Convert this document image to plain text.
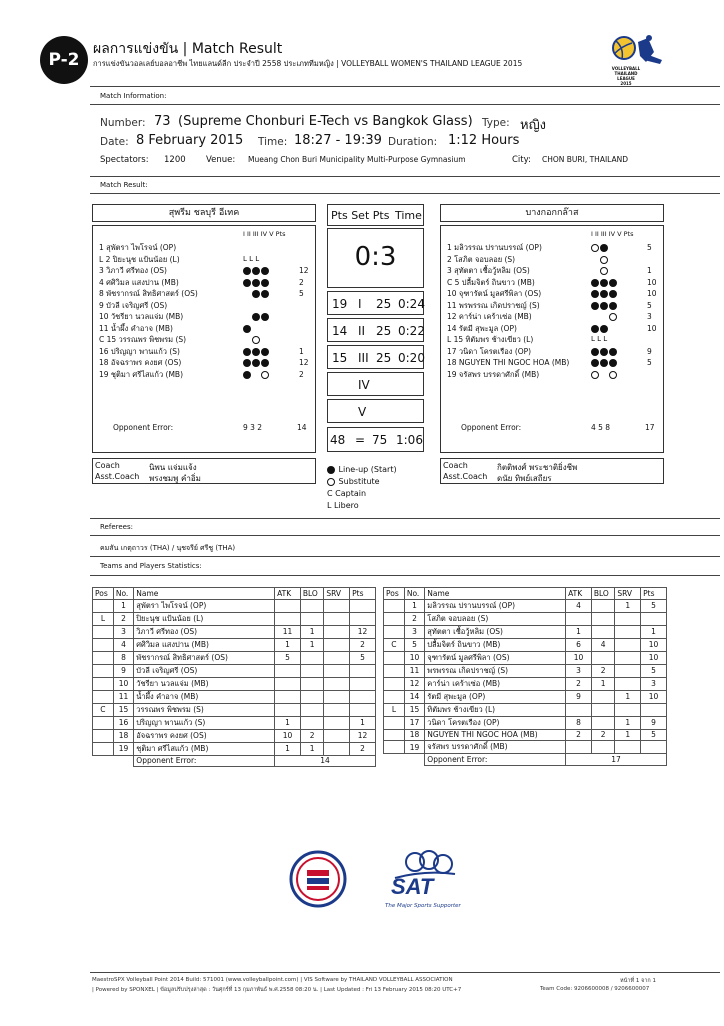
P-2
ผลการแข่งขัน | Match Result
การแข่งขันวอลเลย์บอลอาชีพ ไทยแลนด์ลีก ประจำปี 2558 ประเภททีมหญิง | VOLLEYBALL WOMEN'S THAILAND LEAGUE 2015
VOLLEYBALL
THAILAND LEAGUE
2015
Match Information:
Number: 73 (Supreme Chonburi E-Tech vs Bangkok Glass) Type: หญิง
Date: 8 February 2015 Time: 18:27 - 19:39 Duration: 1:12 Hours
Spectators: 1200 Venue: Mueang Chon Buri Municipality Multi-Purpose Gymnasium	City: CHON BURI, THAILAND
Match Result:
สุพรีม ชลบุรี อีเทค
I II III IV V Pts
1 สุพัตรา ไพโรจน์ (OP)
L 2 ปิยะนุช แป้นน้อย (L)	L L L
3 วิภาวี ศรีทอง (OS)	12
4 ศศิวิมล แสงปาน (MB)	2
8 พัชรากรณ์ สิทธิศาสตร์ (OS)	5
9 บัวลี เจริญศรี (OS)
10 วัชรียา นวลแจ่ม (MB)
11 น้ำผึ้ง คำอาจ (MB)
C 15 วรรณพร พิชพรม (S)
16 ปริญญา พานแก้ว (S)	1
18 อัจฉราพร คงยศ (OS)	12
19 ชุติมา ศรีไสแก้ว (MB)	2
Opponent Error:	9 3 2	14
Pts Set Pts Time
0:3
19 I 25 0:24
14 II 25 0:22
15 III 25 0:20
IV
V
48 = 75 1:06
บางกอกกล๊าส
I II III IV V Pts
1 มลิวรรณ ปรานบรรณ์ (OP)	5
2 โสภิต จอบลอย (S)
3 สุทัตตา เชื้อวู้หลิม (OS)	1
C 5 ปลื้มจิตร์ ถินขาว (MB)	10
10 จุฑารัตน์ มูลศรีพิลา (OS)	10
11 พรพรรณ เกิดปราชญ์ (S)	5
12 คาร์น่า เคร้าเซ่อ (MB)	3
14 รัตมี สุพะมูล (OP)	10
L 15 ทิตัมพร ช้างเขียว (L)	L L L
17 วนิดา โครตเรือง (OP)	9
18 NGUYEN THI NGOC HOA (MB)	5
19 จรัสพร บรรดาศักดิ์ (MB)
Opponent Error:	4 5 8	17
Coach	นิพน แจ่มแจ้ง
Asst.Coach พรงชมพู คำอิ่ม
Coach	กิตติพงศ์ พระชาติยิ่งชีพ
Asst.Coach ดนัย ทิพย์เสถียร
Line-up (Start)
Substitute
C Captain
L Libero
Referees:
คมสัน เกตุถาวร (THA) / นุชจรีย์ ศรีชู (THA)
Teams and Players Statistics:
Pos	No.	Name	ATK	BLO	SRV	Pts
	1	สุพัตรา ไพโรจน์ (OP)				
L	2	ปิยะนุช แป้นน้อย (L)				
	3	วิภาวี ศรีทอง (OS)	11	1		12
	4	ศศิวิมล แสงปาน (MB)	1	1		2
	8	พัชรากรณ์ สิทธิศาสตร์ (OS)	5			5
	9	บัวลี เจริญศรี (OS)				
	10	วัชรียา นวลแจ่ม (MB)				
	11	น้ำผึ้ง คำอาจ (MB)				
C	15	วรรณพร พิชพรม (S)				
	16	ปริญญา พานแก้ว (S)	1			1
	18	อัจฉราพร คงยศ (OS)	10	2		12
	19	ชุติมา ศรีไสแก้ว (MB)	1	1		2
		Opponent Error:	14			
Pos	No.	Name	ATK	BLO	SRV	Pts
	1	มลิวรรณ ปรานบรรณ์ (OP)	4		1	5
	2	โสภิต จอบลอย (S)				
	3	สุทัตตา เชื้อวู้หลิม (OS)	1			1
C	5	ปลื้มจิตร์ ถินขาว (MB)	6	4		10
	10	จุฑารัตน์ มูลศรีพิลา (OS)	10			10
	11	พรพรรณ เกิดปราชญ์ (S)	3	2		5
	12	คาร์น่า เคร้าเซ่อ (MB)	2	1		3
	14	รัตมี สุพะมูล (OP)	9		1	10
L	15	ทิตัมพร ช้างเขียว (L)				
	17	วนิดา โครตเรือง (OP)	8		1	9
	18	NGUYEN THI NGOC HOA (MB)	2	2	1	5
	19	จรัสพร บรรดาศักดิ์ (MB)				
		Opponent Error:	17			
SAT
The Major Sports Supporter
MaestroSPX Volleyball Point 2014 Build: 571001 (www.volleyballpoint.com) | VIS Software by THAILAND VOLLEYBALL ASSOCIATION
| Powered by SPONXEL | ข้อมูลปรับปรุงล่าสุด : วันศุกร์ที่ 13 กุมภาพันธ์ พ.ศ.2558 08:20 น. | Last Updated : Fri 13 February 2015 08:20 UTC+7
หน้าที่ 1 จาก 1
Team Code: 9206600008 / 9206600007
